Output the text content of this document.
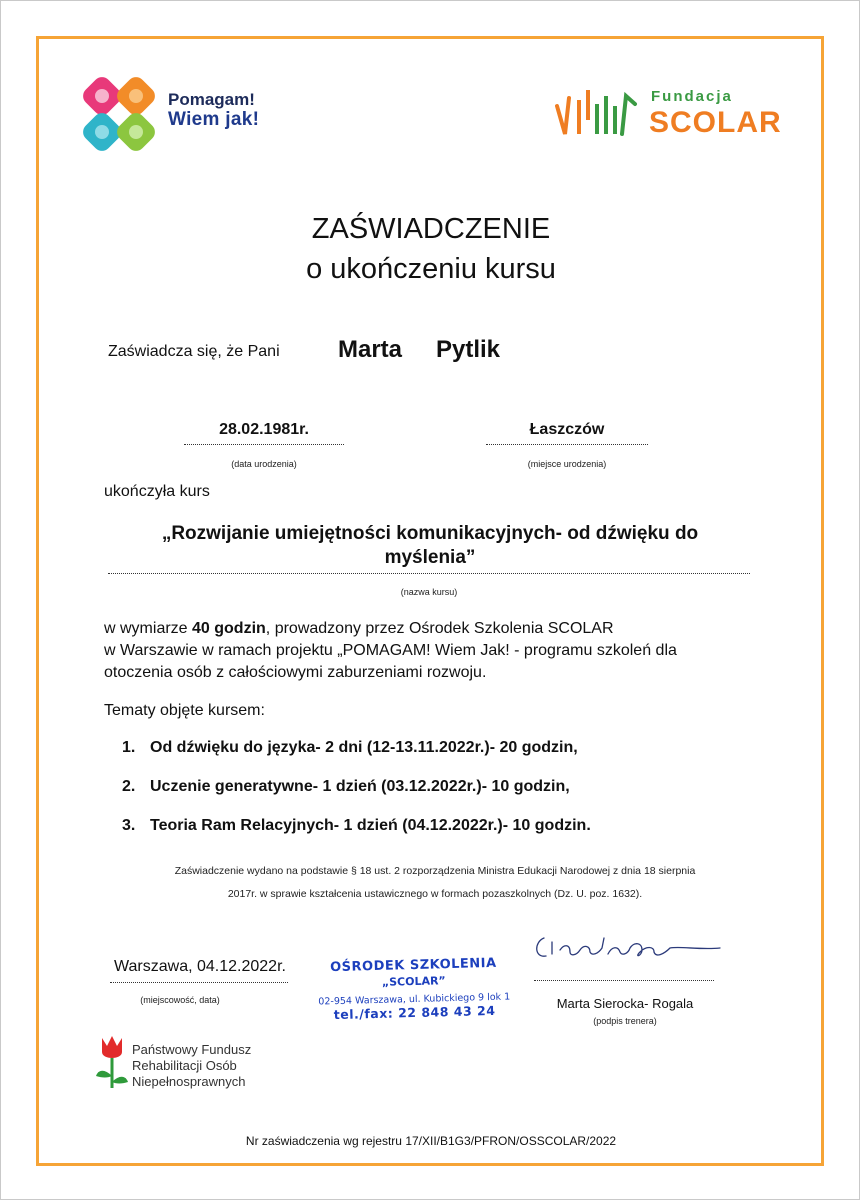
Pomagam!
Wiem jak!
Fundacja
SCOLAR
ZAŚWIADCZENIE
o ukończeniu kursu
Zaświadcza się, że Pani Marta Pytlik
28.02.1981r.
(data urodzenia)
Łaszczów
(miejsce urodzenia)
ukończyła kurs
„Rozwijanie umiejętności komunikacyjnych- od dźwięku do
myślenia”
(nazwa kursu)
w wymiarze 40 godzin, prowadzony przez Ośrodek Szkolenia SCOLAR
w Warszawie w ramach projektu „POMAGAM! Wiem Jak! - programu szkoleń dla
otoczenia osób z całościowymi zaburzeniami rozwoju.
Tematy objęte kursem:
1. Od dźwięku do języka- 2 dni (12-13.11.2022r.)- 20 godzin,
2. Uczenie generatywne- 1 dzień (03.12.2022r.)- 10 godzin,
3. Teoria Ram Relacyjnych- 1 dzień (04.12.2022r.)- 10 godzin.
Zaświadczenie wydano na podstawie § 18 ust. 2 rozporządzenia Ministra Edukacji Narodowej z dnia 18 sierpnia
2017r. w sprawie kształcenia ustawicznego w formach pozaszkolnych (Dz. U. poz. 1632).
Warszawa, 04.12.2022r.
(miejscowość, data)
OŚRODEK SZKOLENIA
„SCOLAR”
02-954 Warszawa, ul. Kubickiego 9 lok 1
tel./fax: 22 848 43 24	Marta Sierocka- Rogala
(podpis trenera)
Państwowy Fundusz
Rehabilitacji Osób
Niepełnosprawnych
Nr zaświadczenia wg rejestru 17/XII/B1G3/PFRON/OSSCOLAR/2022
